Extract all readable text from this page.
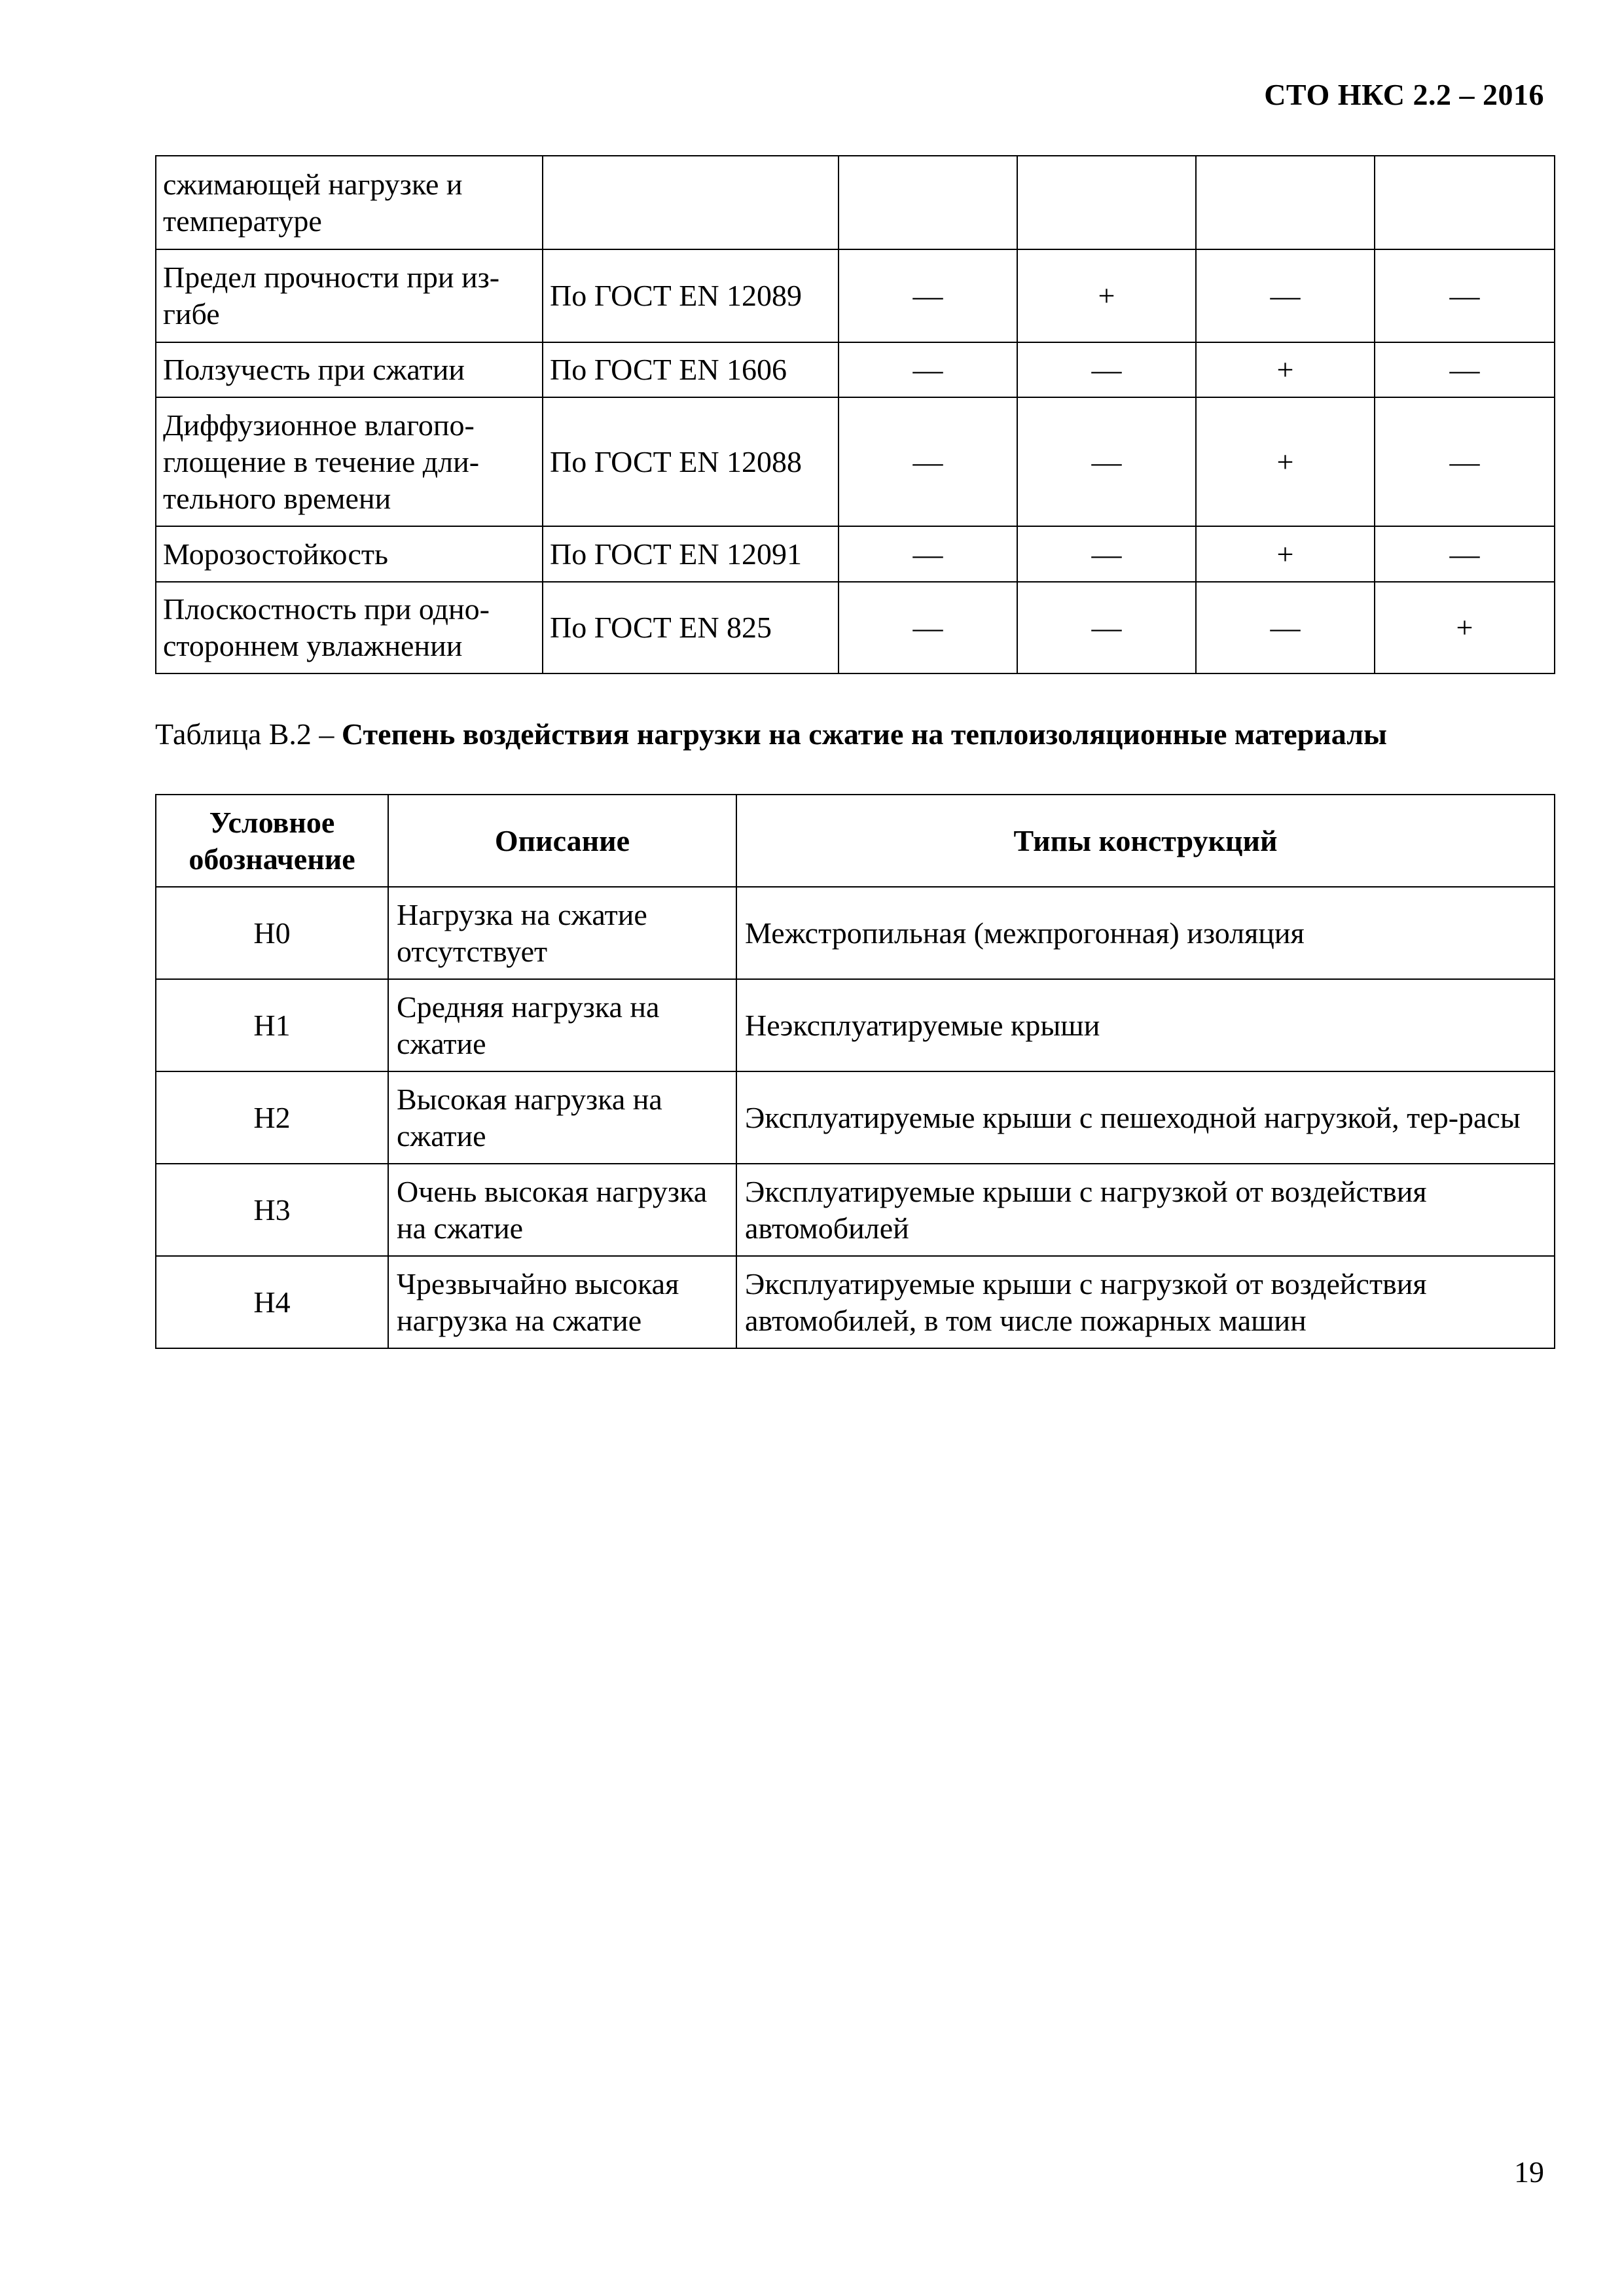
СТО НКС 2.2 – 2016
сжимающей нагрузке и температуре					
Предел прочности при из-гибе	По ГОСТ EN 12089	—	+	—	—
Ползучесть при сжатии	По ГОСТ EN 1606	—	—	+	—
Диффузионное влагопо-глощение в течение дли-тельного времени	По ГОСТ EN 12088	—	—	+	—
Морозостойкость	По ГОСТ EN 12091	—	—	+	—
Плоскостность при одно-стороннем увлажнении	По ГОСТ EN 825	—	—	—	+
Таблица В.2 – Степень воздействия нагрузки на сжатие на теплоизоляционные материалы
Условное обозначение	Описание	Типы конструкций
H0	Нагрузка на сжатие отсутствует	Межстропильная (межпрогонная) изоляция
H1	Средняя нагрузка на сжатие	Неэксплуатируемые крыши
H2	Высокая нагрузка на сжатие	Эксплуатируемые крыши с пешеходной нагрузкой, тер-расы
H3	Очень высокая нагрузка на сжатие	Эксплуатируемые крыши с нагрузкой от воздействия автомобилей
H4	Чрезвычайно высокая нагрузка на сжатие	Эксплуатируемые крыши с нагрузкой от воздействия автомобилей, в том числе пожарных машин
19
